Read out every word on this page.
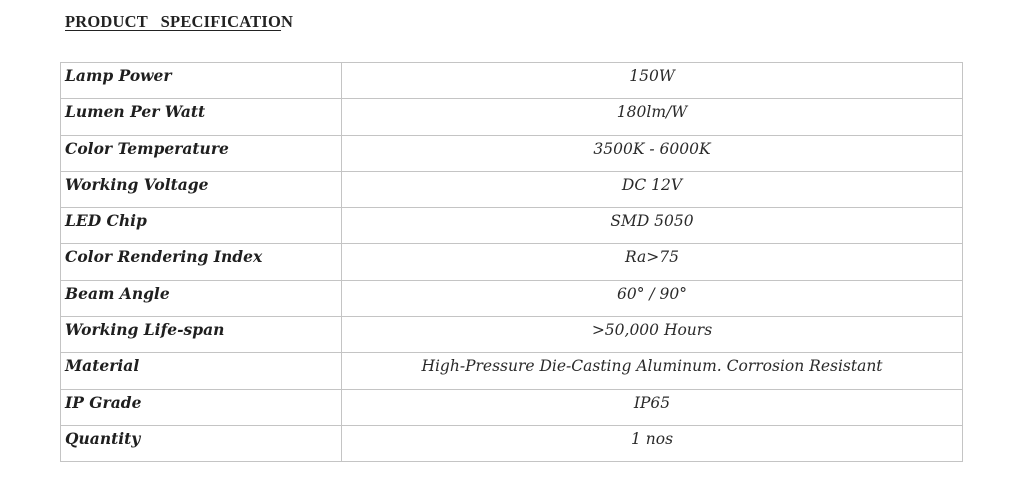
PRODUCT   SPECIFICATION
Lamp Power	150W
Lumen Per Watt	180lm/W
Color Temperature	3500K - 6000K
Working Voltage	DC 12V
LED Chip	SMD 5050
Color Rendering Index	Ra>75
Beam Angle	60° / 90°
Working Life-span	>50,000 Hours
Material	High-Pressure Die-Casting Aluminum. Corrosion Resistant
IP Grade	IP65
Quantity	1 nos
